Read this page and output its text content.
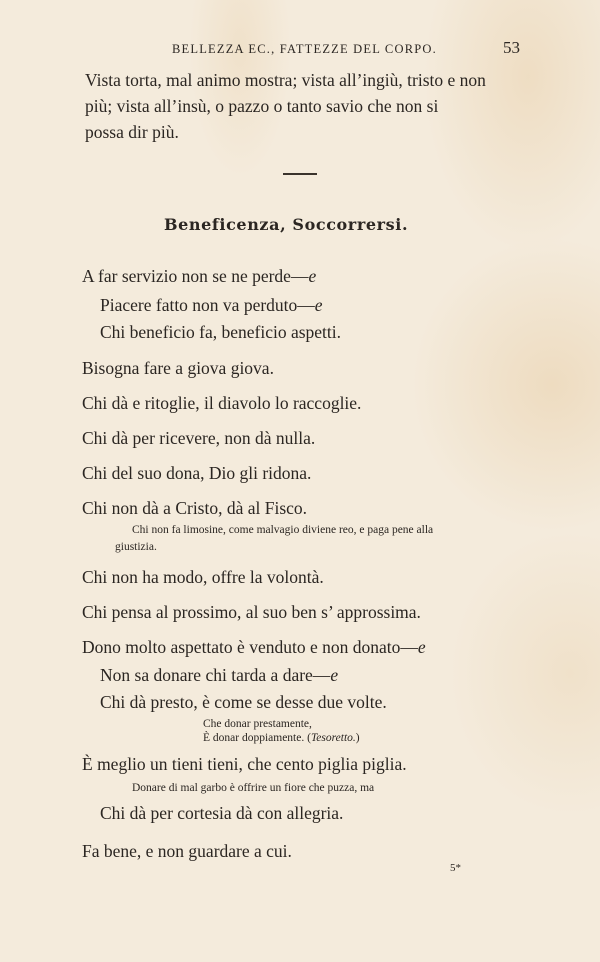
BELLEZZA EC., FATTEZZE DEL CORPO.	53
Vista torta, mal animo mostra; vista all’ingiù, tristo e non
più; vista all’insù, o pazzo o tanto savio che non si
possa dir più.
Beneficenza, Soccorrersi.
A far servizio non se ne perde—e
Piacere fatto non va perduto—e
Chi beneficio fa, beneficio aspetti.
Bisogna fare a giova giova.
Chi dà e ritoglie, il diavolo lo raccoglie.
Chi dà per ricevere, non dà nulla.
Chi del suo dona, Dio gli ridona.
Chi non dà a Cristo, dà al Fisco.
Chi non fa limosine, come malvagio diviene reo, e paga pene alla
giustizia.
Chi non ha modo, offre la volontà.
Chi pensa al prossimo, al suo ben s’ approssima.
Dono molto aspettato è venduto e non donato—e
Non sa donare chi tarda a dare—e
Chi dà presto, è come se desse due volte.
Che donar prestamente,
È donar doppiamente. (Tesoretto.)
È meglio un tieni tieni, che cento piglia piglia.
Donare di mal garbo è offrire un fiore che puzza, ma
Chi dà per cortesia dà con allegria.
Fa bene, e non guardare a cui.
5*
